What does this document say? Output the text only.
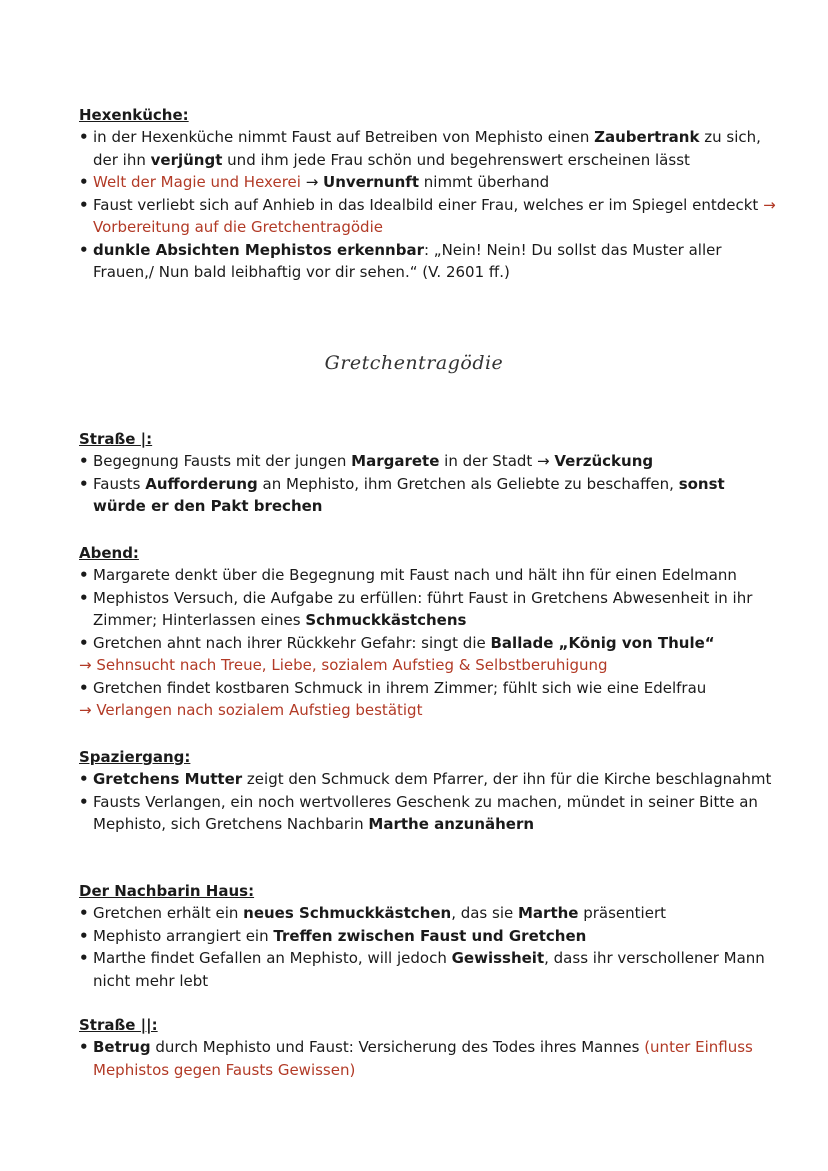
Hexenküche:

• in der Hexenküche nimmt Faust auf Betreiben von Mephisto einen Zaubertrank zu sich, der ihn verjüngt und ihm jede Frau schön und begehrenswert erscheinen lässt
• Welt der Magie und Hexerei → Unvernunft nimmt überhand
• Faust verliebt sich auf Anhieb in das Idealbild einer Frau, welches er im Spiegel entdeckt → Vorbereitung auf die Gretchentragödie
• dunkle Absichten Mephistos erkennbar: „Nein! Nein! Du sollst das Muster aller Frauen,/ Nun bald leibhaftig vor dir sehen.“ (V. 2601 ff.)
Gretchentragödie

Straße |:

• Begegnung Fausts mit der jungen Margarete in der Stadt → Verzückung
• Fausts Aufforderung an Mephisto, ihm Gretchen als Geliebte zu beschaffen, sonst würde er den Pakt brechen

Abend:

• Margarete denkt über die Begegnung mit Faust nach und hält ihn für einen Edelmann
• Mephistos Versuch, die Aufgabe zu erfüllen: führt Faust in Gretchens Abwesenheit in ihr Zimmer; Hinterlassen eines Schmuckkästchens
• Gretchen ahnt nach ihrer Rückkehr Gefahr: singt die Ballade „König von Thule“
→ Sehnsucht nach Treue, Liebe, sozialem Aufstieg & Selbstberuhigung
• Gretchen findet kostbaren Schmuck in ihrem Zimmer; fühlt sich wie eine Edelfrau
→ Verlangen nach sozialem Aufstieg bestätigt

Spaziergang:

• Gretchens Mutter zeigt den Schmuck dem Pfarrer, der ihn für die Kirche beschlagnahmt
• Fausts Verlangen, ein noch wertvolleres Geschenk zu machen, mündet in seiner Bitte an Mephisto, sich Gretchens Nachbarin Marthe anzunähern

Der Nachbarin Haus:

• Gretchen erhält ein neues Schmuckkästchen, das sie Marthe präsentiert
• Mephisto arrangiert ein Treffen zwischen Faust und Gretchen
• Marthe findet Gefallen an Mephisto, will jedoch Gewissheit, dass ihr verschollener Mann nicht mehr lebt

Straße ||:

• Betrug durch Mephisto und Faust: Versicherung des Todes ihres Mannes (unter Einfluss Mephistos gegen Fausts Gewissen)
